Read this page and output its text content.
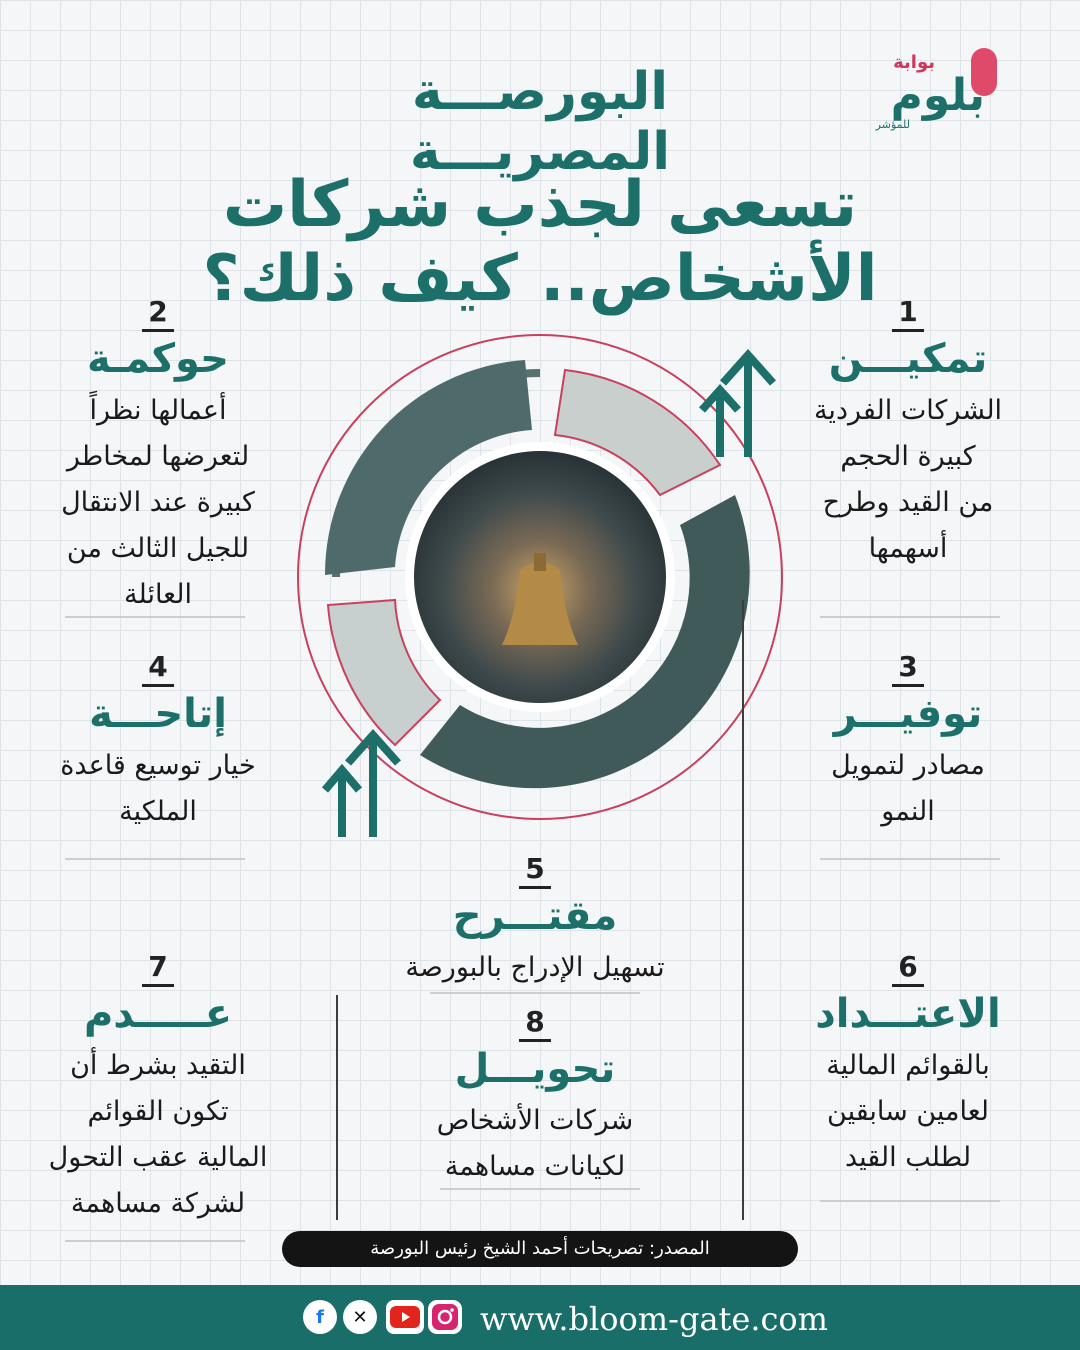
البورصـــة المصريـــة
تسعى لجذب شركات الأشخاص.. كيف ذلك؟
بوابة
بلوم
للمؤشر
1
تمكيـــن
الشركات الفردية
كبيرة الحجم
من القيد وطرح
أسهمها
2
حوكمـة
أعمالها نظراً
لتعرضها لمخاطر
كبيرة عند الانتقال
للجيل الثالث من
العائلة
3
توفيـــر
مصادر لتمويل
النمو
4
إتاحـــة
خيار توسيع قاعدة
الملكية
5
مقتـــرح
تسهيل الإدراج بالبورصة
8
تحويـــل
شركات الأشخاص
لكيانات مساهمة
6
الاعتـــداد
بالقوائم المالية
لعامين سابقين
لطلب القيد
7
عـــــدم
التقيد بشرط أن
تكون القوائم
المالية عقب التحول
لشركة مساهمة
المصدر: تصريحات أحمد الشيخ رئيس البورصة
www.bloom-gate.com
f	✕
